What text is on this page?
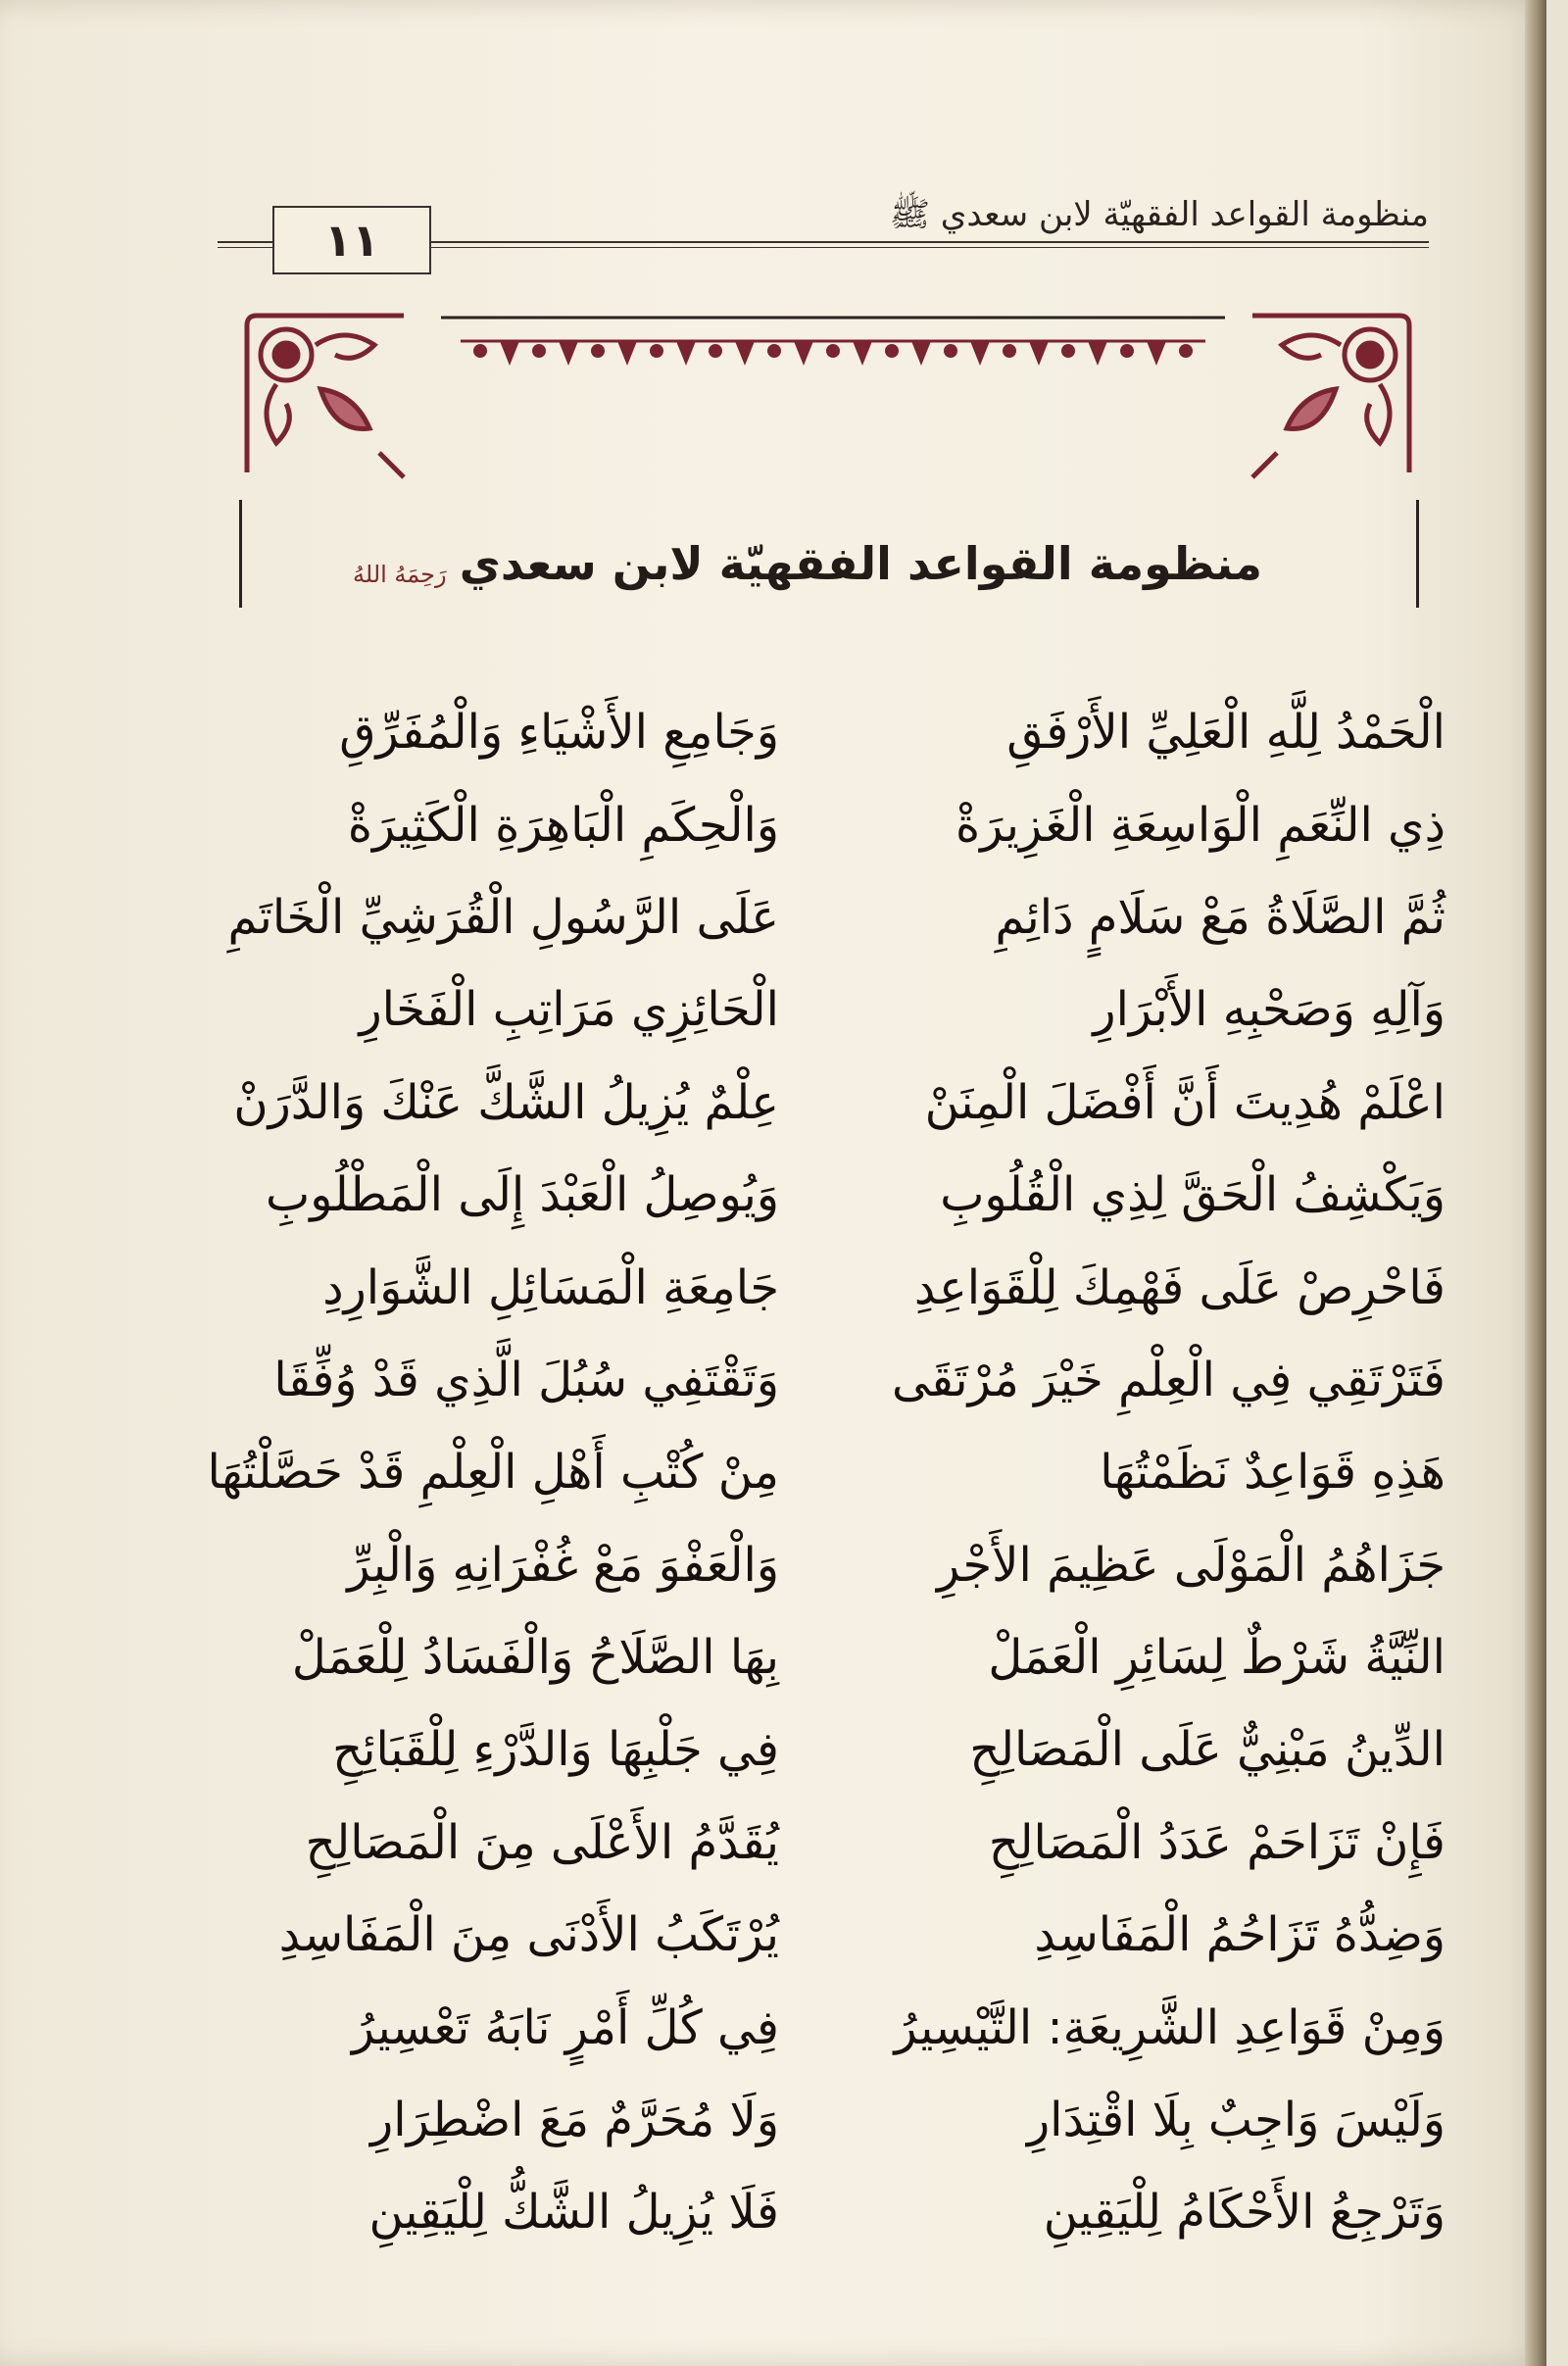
منظومة القواعد الفقهيّة لابن سعدي ﷺ
١١
منظومة القواعد الفقهيّة لابن سعدي
رَحِمَهُ اللهُ
الْحَمْدُ لِلَّهِ الْعَلِيِّ الأَرْفَقِ
وَجَامِعِ الأَشْيَاءِ وَالْمُفَرِّقِ
ذِي النِّعَمِ الْوَاسِعَةِ الْغَزِيرَةْ
وَالْحِكَمِ الْبَاهِرَةِ الْكَثِيرَةْ
ثُمَّ الصَّلَاةُ مَعْ سَلَامٍ دَائِمِ
عَلَى الرَّسُولِ الْقُرَشِيِّ الْخَاتَمِ
وَآلِهِ وَصَحْبِهِ الأَبْرَارِ
الْحَائِزِي مَرَاتِبِ الْفَخَارِ
اعْلَمْ هُدِيتَ أَنَّ أَفْضَلَ الْمِنَنْ
عِلْمٌ يُزِيلُ الشَّكَّ عَنْكَ وَالدَّرَنْ
وَيَكْشِفُ الْحَقَّ لِذِي الْقُلُوبِ
وَيُوصِلُ الْعَبْدَ إِلَى الْمَطْلُوبِ
فَاحْرِصْ عَلَى فَهْمِكَ لِلْقَوَاعِدِ
جَامِعَةِ الْمَسَائِلِ الشَّوَارِدِ
فَتَرْتَقِي فِي الْعِلْمِ خَيْرَ مُرْتَقَى
وَتَقْتَفِي سُبُلَ الَّذِي قَدْ وُفِّقَا
هَذِهِ قَوَاعِدٌ نَظَمْتُهَا
مِنْ كُتْبِ أَهْلِ الْعِلْمِ قَدْ حَصَّلْتُهَا
جَزَاهُمُ الْمَوْلَى عَظِيمَ الأَجْرِ
وَالْعَفْوَ مَعْ غُفْرَانِهِ وَالْبِرِّ
النِّيَّةُ شَرْطٌ لِسَائِرِ الْعَمَلْ
بِهَا الصَّلَاحُ وَالْفَسَادُ لِلْعَمَلْ
الدِّينُ مَبْنِيٌّ عَلَى الْمَصَالِحِ
فِي جَلْبِهَا وَالدَّرْءِ لِلْقَبَائِحِ
فَإِنْ تَزَاحَمْ عَدَدُ الْمَصَالِحِ
يُقَدَّمُ الأَعْلَى مِنَ الْمَصَالِحِ
وَضِدُّهُ تَزَاحُمُ الْمَفَاسِدِ
يُرْتَكَبُ الأَدْنَى مِنَ الْمَفَاسِدِ
وَمِنْ قَوَاعِدِ الشَّرِيعَةِ: التَّيْسِيرُ
فِي كُلِّ أَمْرٍ نَابَهُ تَعْسِيرُ
وَلَيْسَ وَاجِبٌ بِلَا اقْتِدَارِ
وَلَا مُحَرَّمٌ مَعَ اضْطِرَارِ
وَتَرْجِعُ الأَحْكَامُ لِلْيَقِينِ
فَلَا يُزِيلُ الشَّكُّ لِلْيَقِينِ
